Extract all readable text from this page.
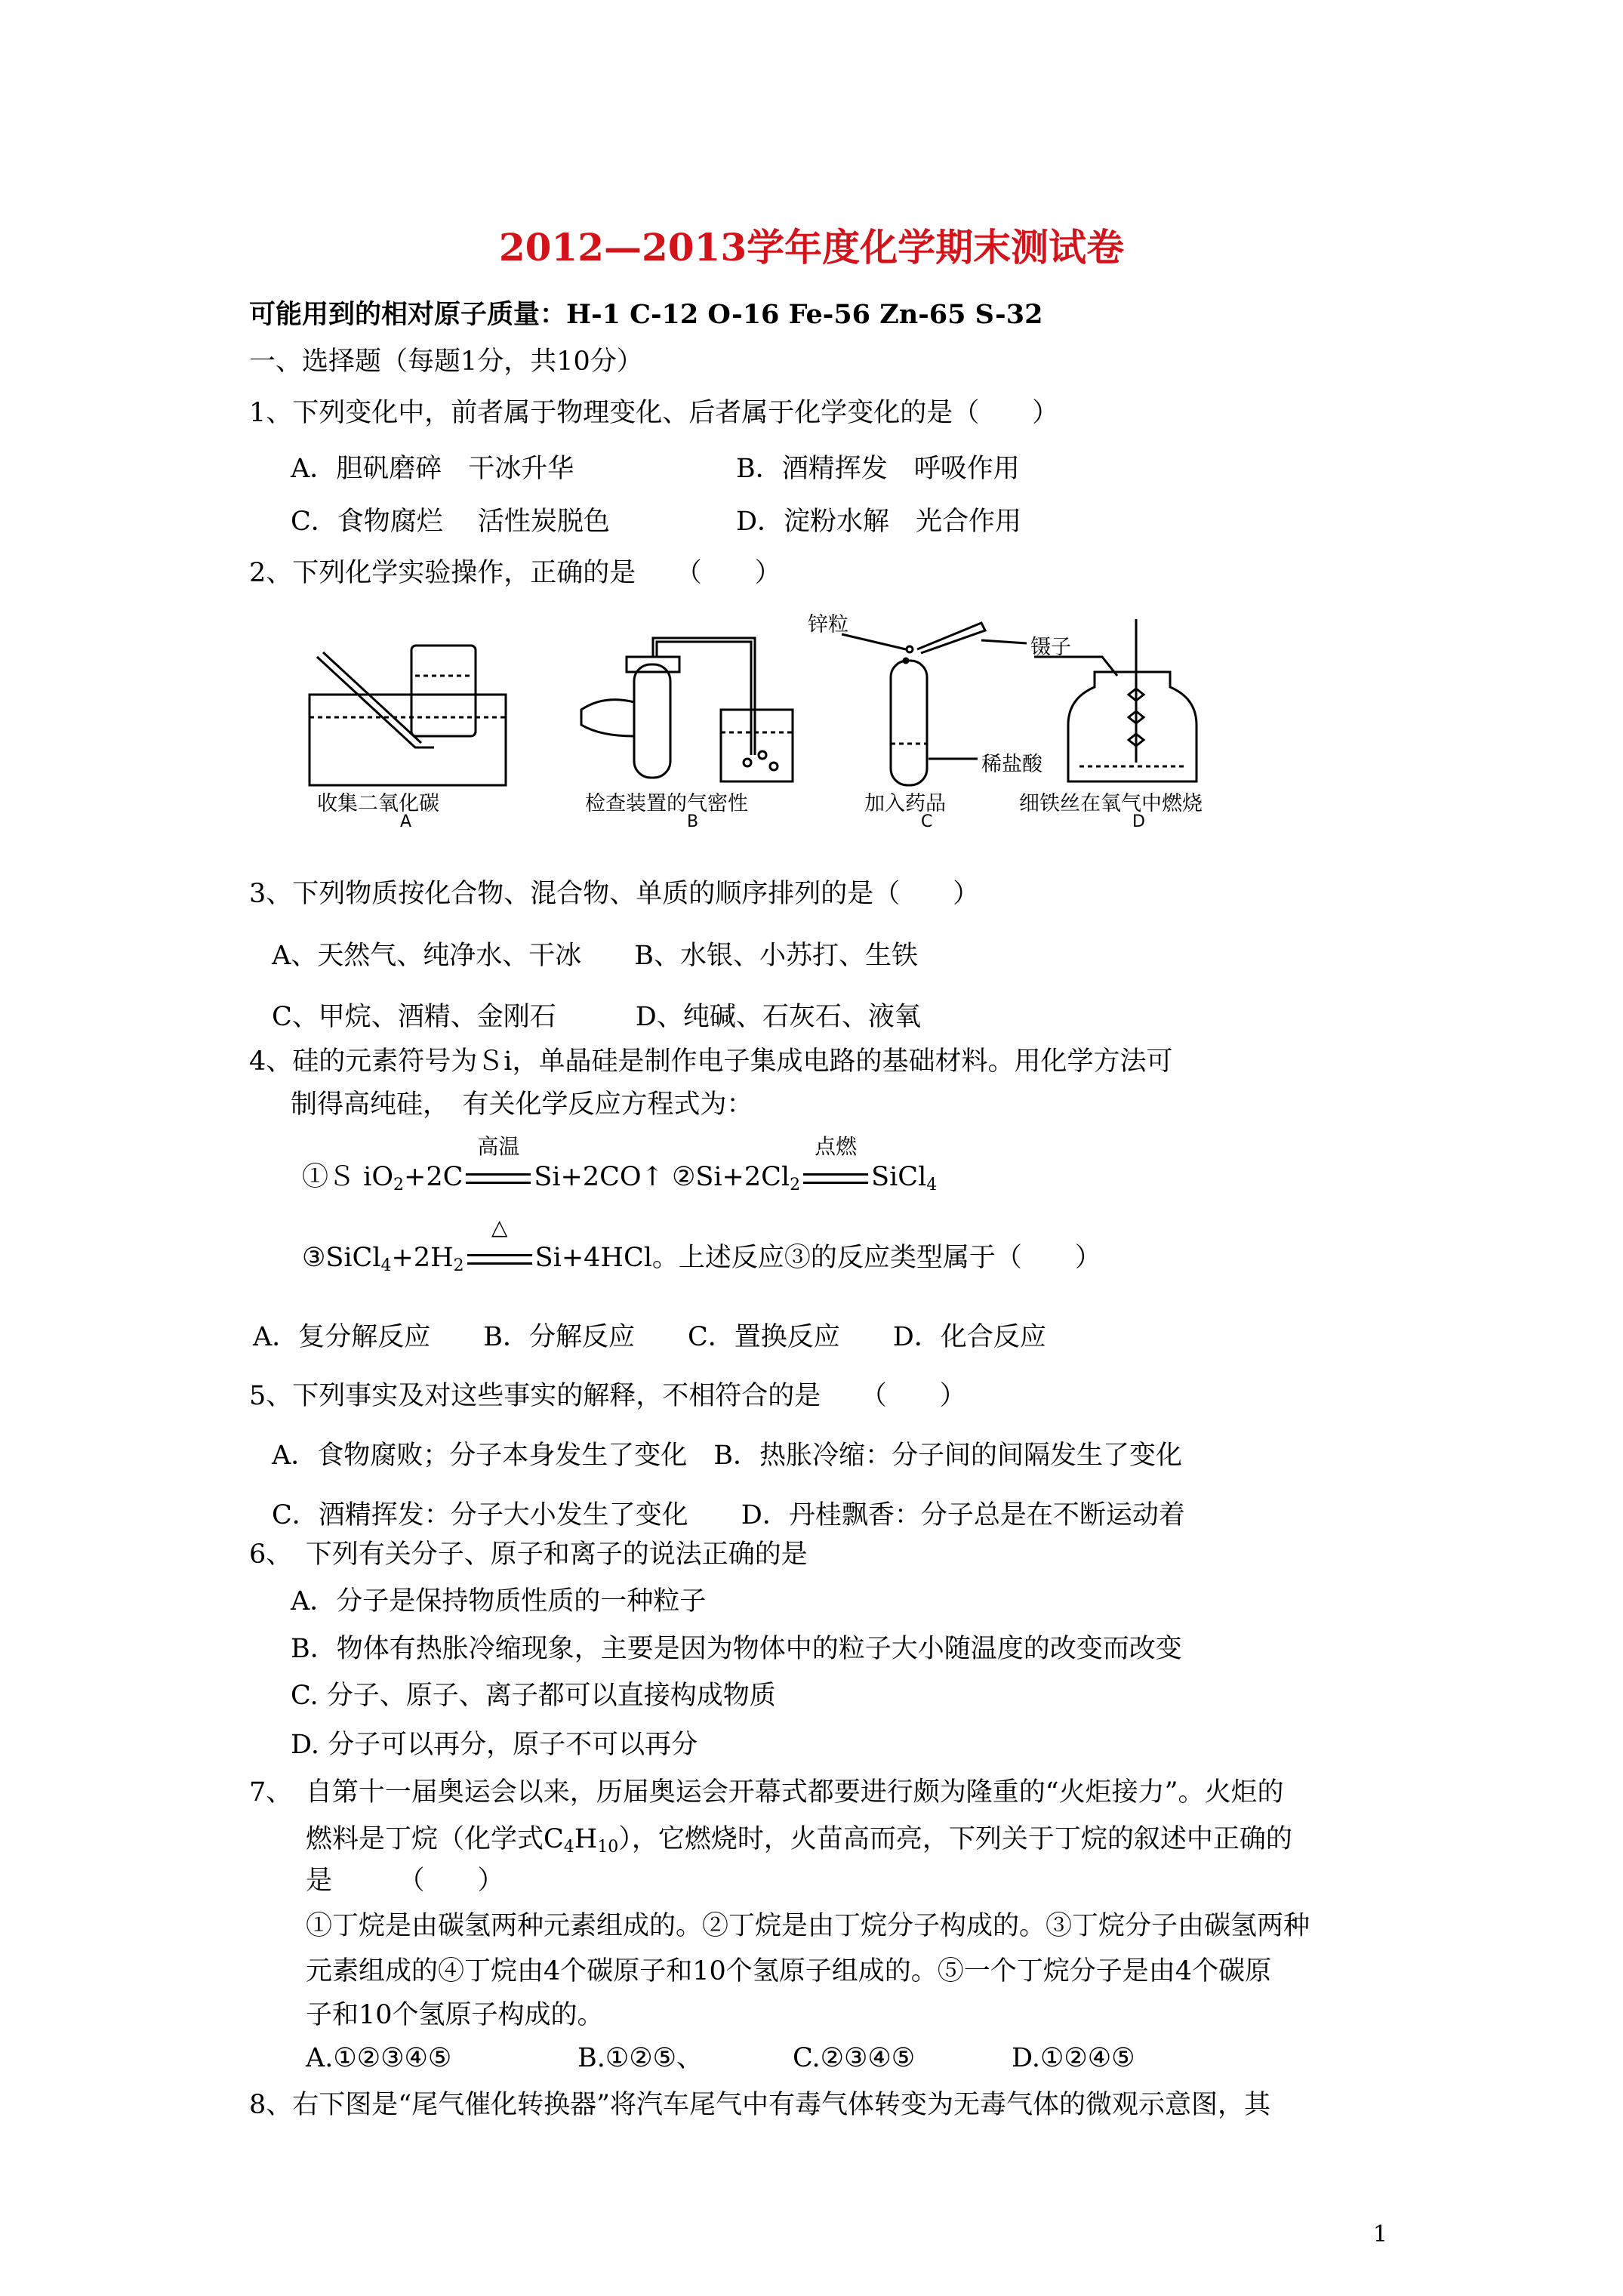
2012—2013学年度化学期末测试卷
可能用到的相对原子质量：H-1 C-12 O-16 Fe-56 Zn-65 S-32
一、选择题（每题1分，共10分）
1、下列变化中，前者属于物理变化、后者属于化学变化的是（　　）
A．胆矾磨碎　干冰升华	B．酒精挥发　呼吸作用
C．食物腐烂　 活性炭脱色	D．淀粉水解　光合作用
2、下列化学实验操作，正确的是　　（　　）
锌粒
镊子
稀盐酸
收集二氧化碳	检查装置的气密性	加入药品	细铁丝在氧气中燃烧
A	B	C	D
3、下列物质按化合物、混合物、单质的顺序排列的是（　　）
A、天然气、纯净水、干冰　　B、水银、小苏打、生铁
C、甲烷、酒精、金刚石　　　D、纯碱、石灰石、液氧
4、硅的元素符号为Ｓi，单晶硅是制作电子集成电路的基础材料。用化学方法可
制得高纯硅，　有关化学反应方程式为：
①Ｓ $iO_2+2C$
高温
Si+2CO↑ $②Si+2Cl_2$
点燃
SiCl$_4$
$③SiCl_4+2H_2$
△
Si+4HCl。上述反应③的反应类型属于（　　）
A．复分解反应　　B．分解反应　　C．置换反应　　D．化合反应
5、下列事实及对这些事实的解释，不相符合的是　　（　　）
A．食物腐败；分子本身发生了变化　B．热胀冷缩：分子间的间隔发生了变化
C．酒精挥发：分子大小发生了变化　　D．丹桂飘香：分子总是在不断运动着
6、　下列有关分子、原子和离子的说法正确的是
A．分子是保持物质性质的一种粒子
B．物体有热胀冷缩现象，主要是因为物体中的粒子大小随温度的改变而改变
C. 分子、原子、离子都可以直接构成物质
D. 分子可以再分，原子不可以再分
7、　自第十一届奥运会以来，历届奥运会开幕式都要进行颇为隆重的“火炬接力”。火炬的
燃料是丁烷（化学式$C_4H_{10}$），它燃烧时，火苗高而亮，下列关于丁烷的叙述中正确的
是　　　（　　）
①丁烷是由碳氢两种元素组成的。②丁烷是由丁烷分子构成的。③丁烷分子由碳氢两种
元素组成的④丁烷由4个碳原子和10个氢原子组成的。⑤一个丁烷分子是由4个碳原
子和10个氢原子构成的。
A.①②③④⑤	B.①②⑤、	C.②③④⑤	D.①②④⑤
8、右下图是“尾气催化转换器”将汽车尾气中有毒气体转变为无毒气体的微观示意图，其
1
